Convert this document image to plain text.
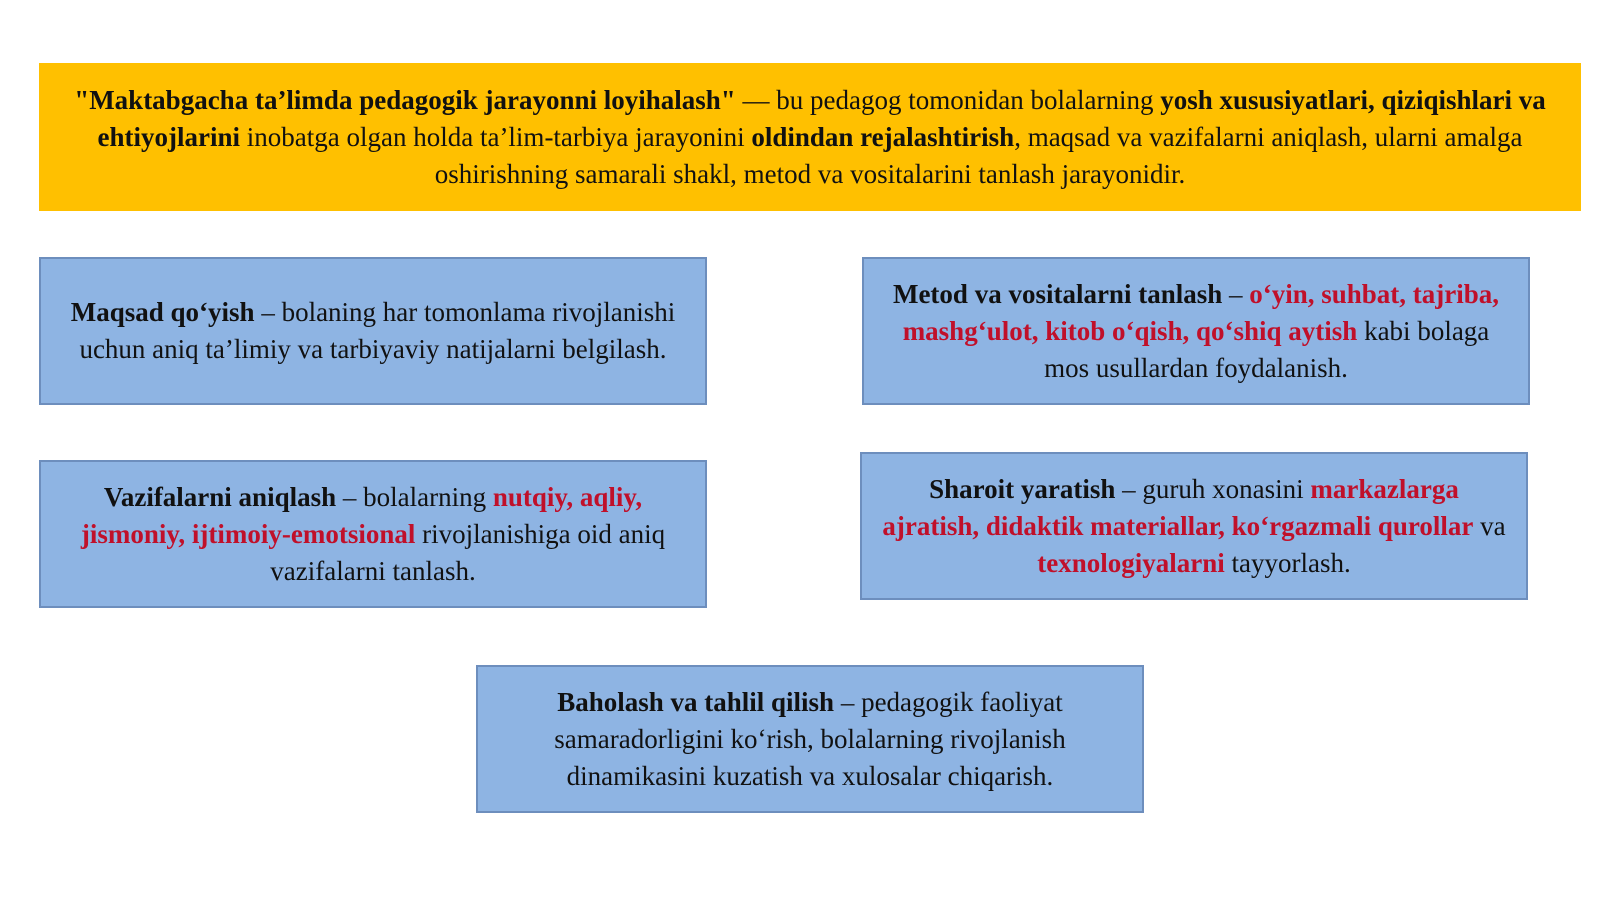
"Maktabgacha ta’limda pedagogik jarayonni loyihalash" — bu pedagog tomonidan bolalarning yosh xususiyatlari, qiziqishlari va ehtiyojlarini inobatga olgan holda ta’lim-tarbiya jarayonini oldindan rejalashtirish, maqsad va vazifalarni aniqlash, ularni amalga oshirishning samarali shakl, metod va vositalarini tanlash jarayonidir.

Maqsad qo‘yish – bolaning har tomonlama rivojlanishi uchun aniq ta’limiy va tarbiyaviy natijalarni belgilash.

Metod va vositalarni tanlash – o‘yin, suhbat, tajriba, mashg‘ulot, kitob o‘qish, qo‘shiq aytish kabi bolaga mos usullardan foydalanish.

Vazifalarni aniqlash – bolalarning nutqiy, aqliy, jismoniy, ijtimoiy-emotsional rivojlanishiga oid aniq vazifalarni tanlash.

Sharoit yaratish – guruh xonasini markazlarga ajratish, didaktik materiallar, ko‘rgazmali qurollar va texnologiyalarni tayyorlash.

Baholash va tahlil qilish – pedagogik faoliyat samaradorligini ko‘rish, bolalarning rivojlanish dinamikasini kuzatish va xulosalar chiqarish.
